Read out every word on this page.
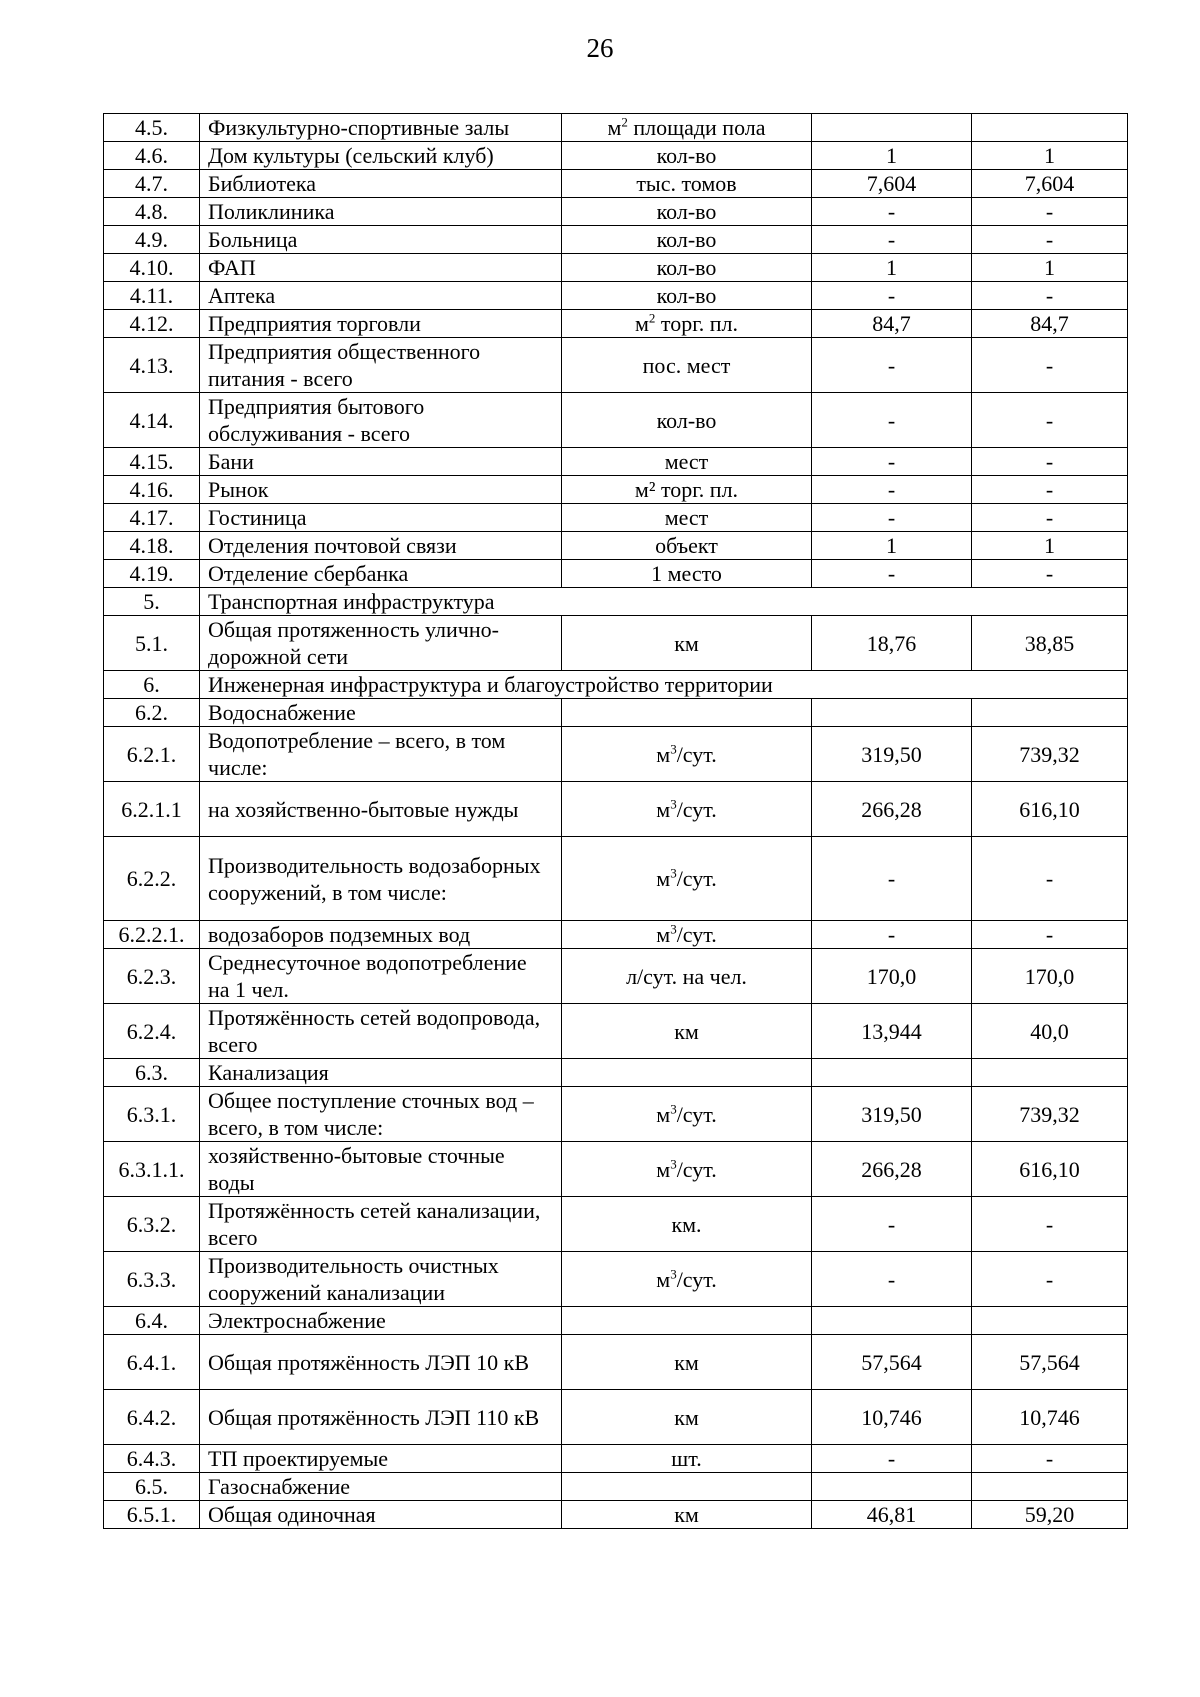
26
4.5.	Физкультурно-спортивные залы	$м^2$ площади пола		
4.6.	Дом культуры (сельский клуб)	кол-во	1	1
4.7.	Библиотека	тыс. томов	7,604	7,604
4.8.	Поликлиника	кол-во	-	-
4.9.	Больница	кол-во	-	-
4.10.	ФАП	кол-во	1	1
4.11.	Аптека	кол-во	-	-
4.12.	Предприятия торговли	$м^2$ торг. пл.	84,7	84,7
4.13.	Предприятия общественного питания - всего	пос. мест	-	-
4.14.	Предприятия бытового обслуживания - всего	кол-во	-	-
4.15.	Бани	мест	-	-
4.16.	Рынок	м² торг. пл.	-	-
4.17.	Гостиница	мест	-	-
4.18.	Отделения почтовой связи	объект	1	1
4.19.	Отделение сбербанка	1 место	-	-
5.	Транспортная инфраструктура			
5.1.	Общая протяженность улично-дорожной сети	км	18,76	38,85
6.	Инженерная инфраструктура и благоустройство территории			
6.2.	Водоснабжение			
6.2.1.	Водопотребление – всего, в том числе:	$м^3$/сут.	319,50	739,32
6.2.1.1	на хозяйственно-бытовые нужды	$м^3$/сут.	266,28	616,10
6.2.2.	Производительность водозаборных сооружений, в том числе:	$м^3$/сут.	-	-
6.2.2.1.	водозаборов подземных вод	$м^3$/сут.	-	-
6.2.3.	Среднесуточное водопотребление на 1 чел.	л/сут. на чел.	170,0	170,0
6.2.4.	Протяжённость сетей водопровода, всего	км	13,944	40,0
6.3.	Канализация			
6.3.1.	Общее поступление сточных вод – всего, в том числе:	$м^3$/сут.	319,50	739,32
6.3.1.1.	хозяйственно-бытовые сточные воды	$м^3$/сут.	266,28	616,10
6.3.2.	Протяжённость сетей канализации, всего	км.	-	-
6.3.3.	Производительность очистных сооружений канализации	$м^3$/сут.	-	-
6.4.	Электроснабжение			
6.4.1.	Общая протяжённость ЛЭП 10 кВ	км	57,564	57,564
6.4.2.	Общая протяжённость ЛЭП 110 кВ	км	10,746	10,746
6.4.3.	ТП проектируемые	шт.	-	-
6.5.	Газоснабжение			
6.5.1.	Общая одиночная	км	46,81	59,20
